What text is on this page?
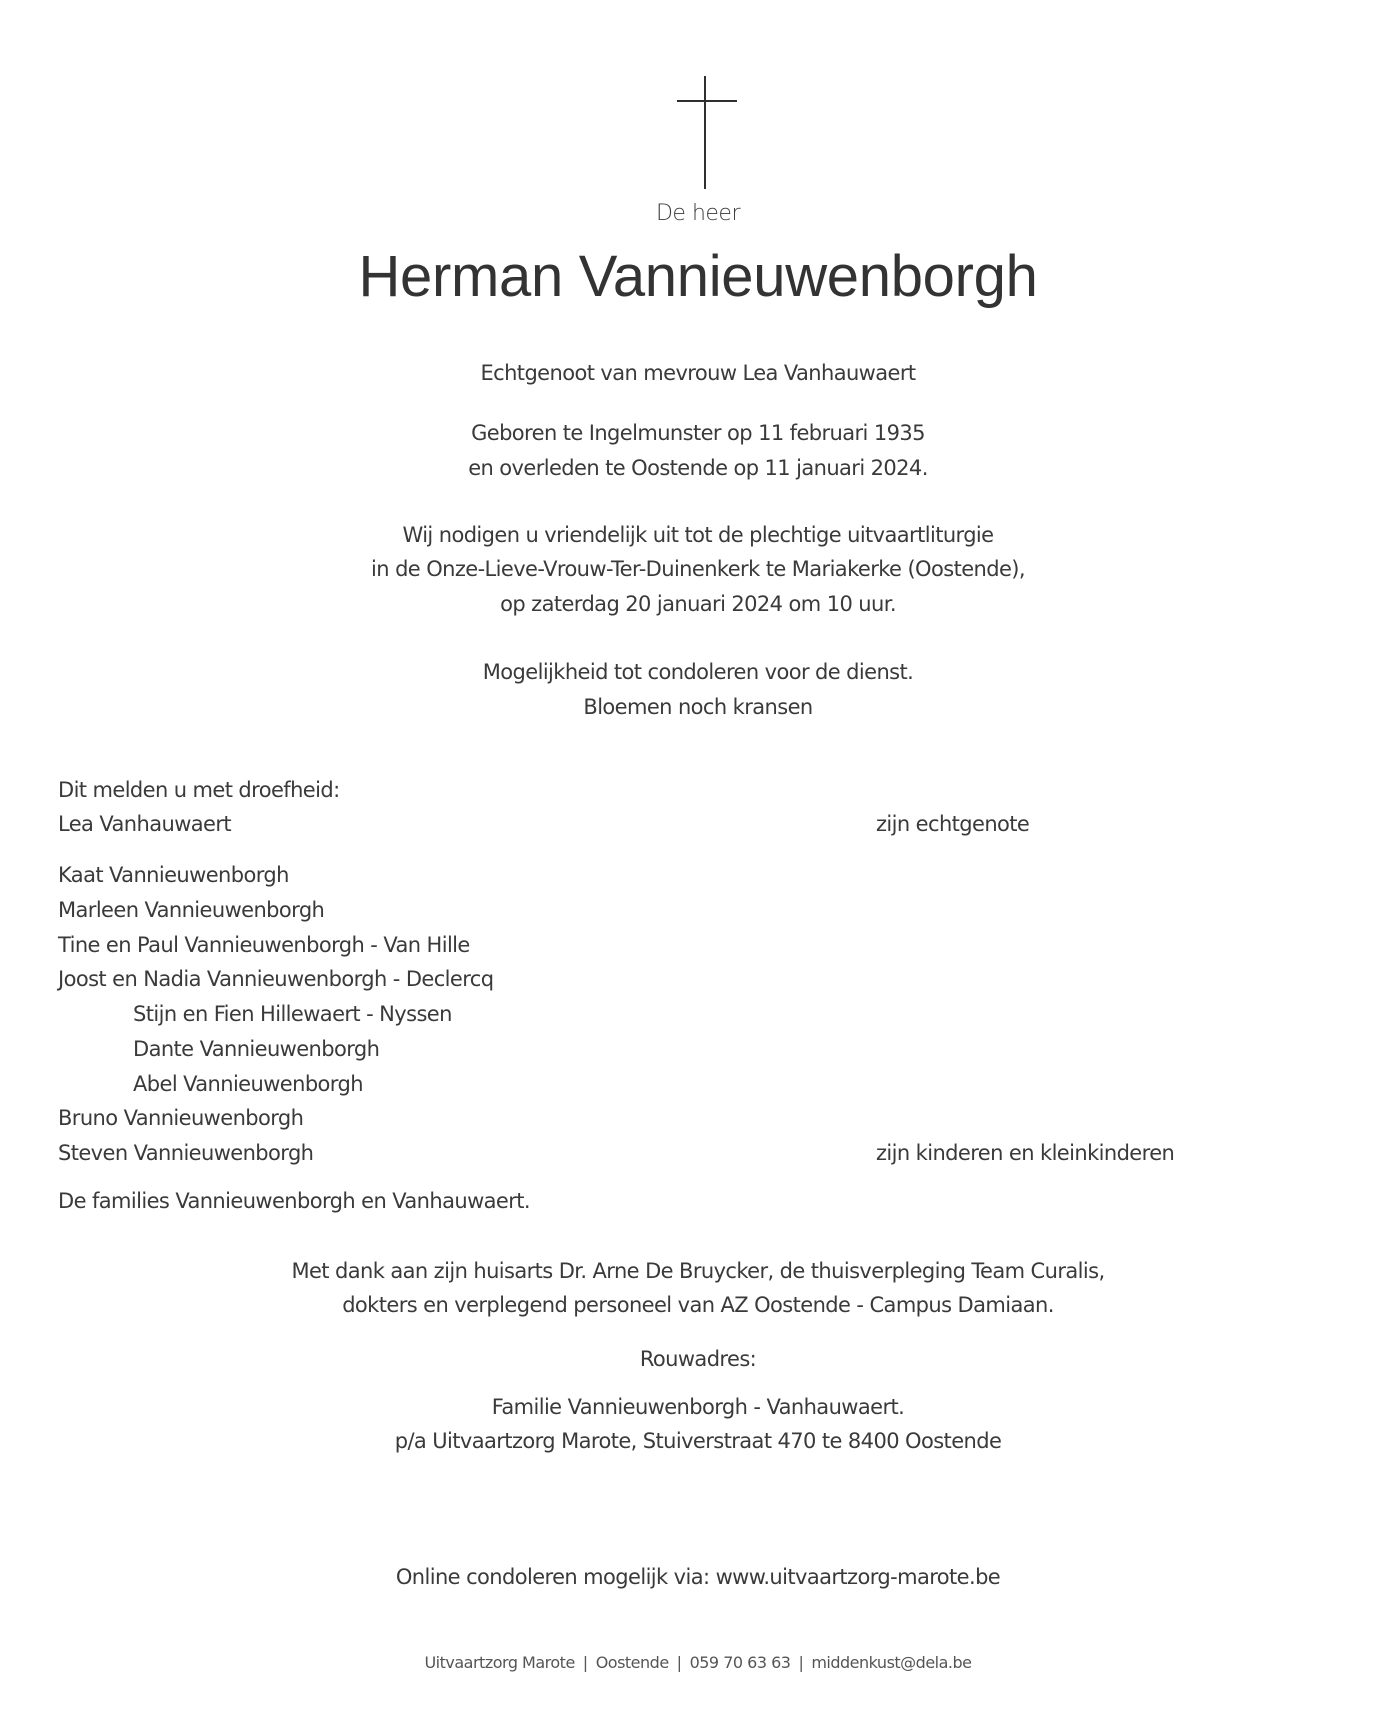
De heer
Herman Vannieuwenborgh
Echtgenoot van mevrouw Lea Vanhauwaert
Geboren te Ingelmunster op 11 februari 1935
en overleden te Oostende op 11 januari 2024.
Wij nodigen u vriendelijk uit tot de plechtige uitvaartliturgie
in de Onze-Lieve-Vrouw-Ter-Duinenkerk te Mariakerke (Oostende),
op zaterdag 20 januari 2024 om 10 uur.
Mogelijkheid tot condoleren voor de dienst.
Bloemen noch kransen
Dit melden u met droefheid:
Lea Vanhauwaert	zijn echtgenote
Kaat Vannieuwenborgh
Marleen Vannieuwenborgh
Tine en Paul Vannieuwenborgh - Van Hille
Joost en Nadia Vannieuwenborgh - Declercq
Stijn en Fien Hillewaert - Nyssen
Dante Vannieuwenborgh
Abel Vannieuwenborgh
Bruno Vannieuwenborgh
Steven Vannieuwenborgh	zijn kinderen en kleinkinderen
De families Vannieuwenborgh en Vanhauwaert.
Met dank aan zijn huisarts Dr. Arne De Bruycker, de thuisverpleging Team Curalis,
dokters en verplegend personeel van AZ Oostende - Campus Damiaan.
Rouwadres:
Familie Vannieuwenborgh - Vanhauwaert.
p/a Uitvaartzorg Marote, Stuiverstraat 470 te 8400 Oostende
Online condoleren mogelijk via: www.uitvaartzorg-marote.be
Uitvaartzorg Marote | Oostende | 059 70 63 63 | middenkust@dela.be
